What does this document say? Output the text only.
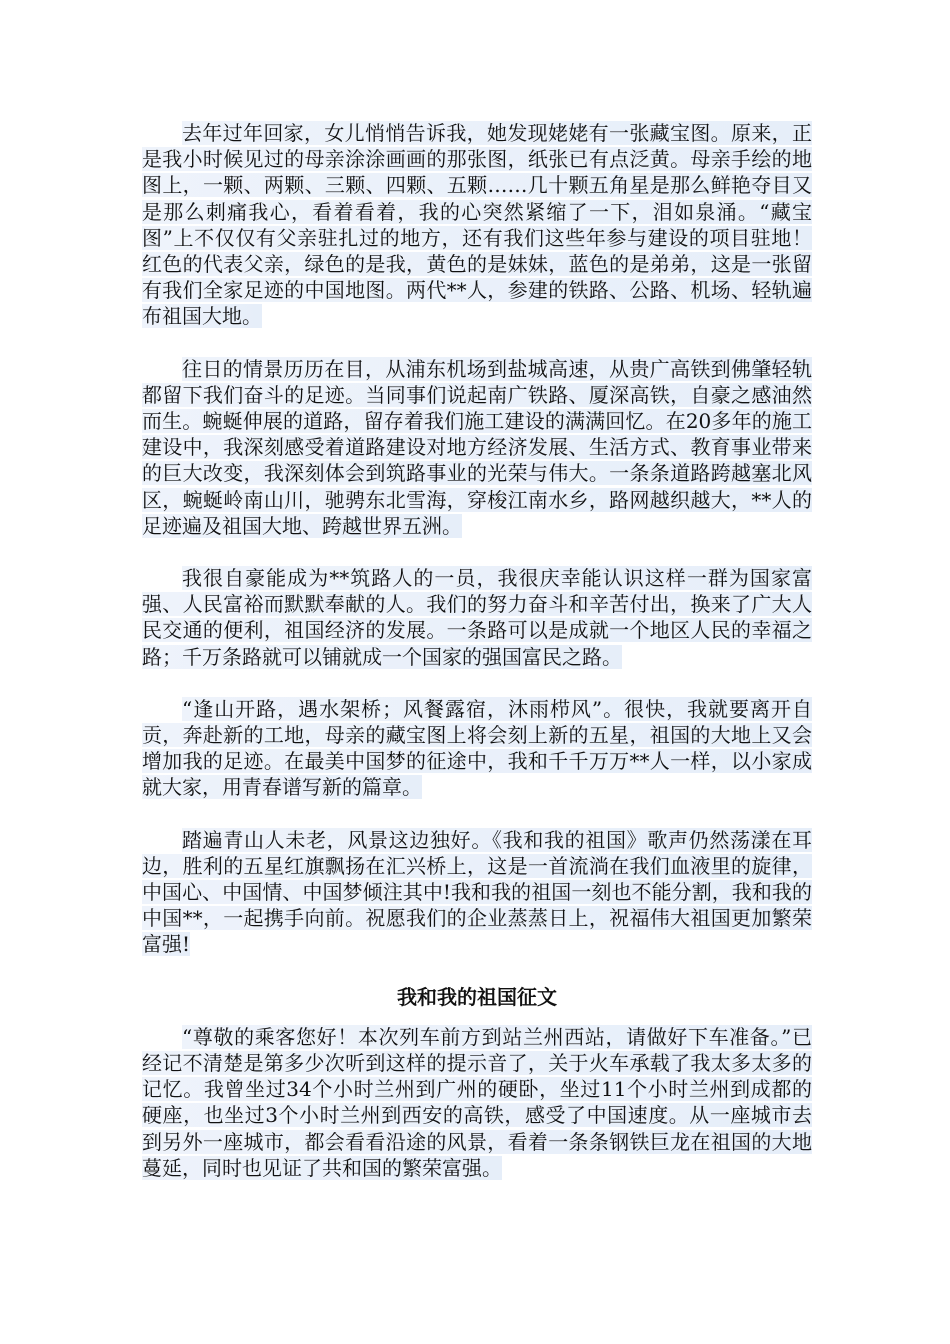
去年过年回家，女儿悄悄告诉我，她发现姥姥有一张藏宝图。原来，正是我小时候见过的母亲涂涂画画的那张图，纸张已有点泛黄。母亲手绘的地图上，一颗、两颗、三颗、四颗、五颗……几十颗五角星是那么鲜艳夺目又是那么刺痛我心，看着看着，我的心突然紧缩了一下，泪如泉涌。“藏宝图”上不仅仅有父亲驻扎过的地方，还有我们这些年参与建设的项目驻地！红色的代表父亲，绿色的是我，黄色的是妹妹，蓝色的是弟弟，这是一张留有我们全家足迹的中国地图。两代**人，参建的铁路、公路、机场、轻轨遍布祖国大地。

往日的情景历历在目，从浦东机场到盐城高速，从贵广高铁到佛肇轻轨都留下我们奋斗的足迹。当同事们说起南广铁路、厦深高铁，自豪之感油然而生。蜿蜒伸展的道路，留存着我们施工建设的满满回忆。在20多年的施工建设中，我深刻感受着道路建设对地方经济发展、生活方式、教育事业带来的巨大改变，我深刻体会到筑路事业的光荣与伟大。一条条道路跨越塞北风区，蜿蜒岭南山川，驰骋东北雪海，穿梭江南水乡，路网越织越大，**人的足迹遍及祖国大地、跨越世界五洲。

我很自豪能成为**筑路人的一员，我很庆幸能认识这样一群为国家富强、人民富裕而默默奉献的人。我们的努力奋斗和辛苦付出，换来了广大人民交通的便利，祖国经济的发展。一条路可以是成就一个地区人民的幸福之路；千万条路就可以铺就成一个国家的强国富民之路。

“逢山开路，遇水架桥；风餐露宿，沐雨栉风”。很快，我就要离开自贡，奔赴新的工地，母亲的藏宝图上将会刻上新的五星，祖国的大地上又会增加我的足迹。在最美中国梦的征途中，我和千千万万**人一样，以小家成就大家，用青春谱写新的篇章。

踏遍青山人未老，风景这边独好。《我和我的祖国》歌声仍然荡漾在耳边，胜利的五星红旗飘扬在汇兴桥上，这是一首流淌在我们血液里的旋律，中国心、中国情、中国梦倾注其中!我和我的祖国一刻也不能分割，我和我的中国**，一起携手向前。祝愿我们的企业蒸蒸日上，祝福伟大祖国更加繁荣富强!

我和我的祖国征文

“尊敬的乘客您好！本次列车前方到站兰州西站，请做好下车准备。”已经记不清楚是第多少次听到这样的提示音了，关于火车承载了我太多太多的记忆。我曾坐过34个小时兰州到广州的硬卧，坐过11个小时兰州到成都的硬座，也坐过3个小时兰州到西安的高铁，感受了中国速度。从一座城市去到另外一座城市，都会看看沿途的风景，看着一条条钢铁巨龙在祖国的大地蔓延，同时也见证了共和国的繁荣富强。
